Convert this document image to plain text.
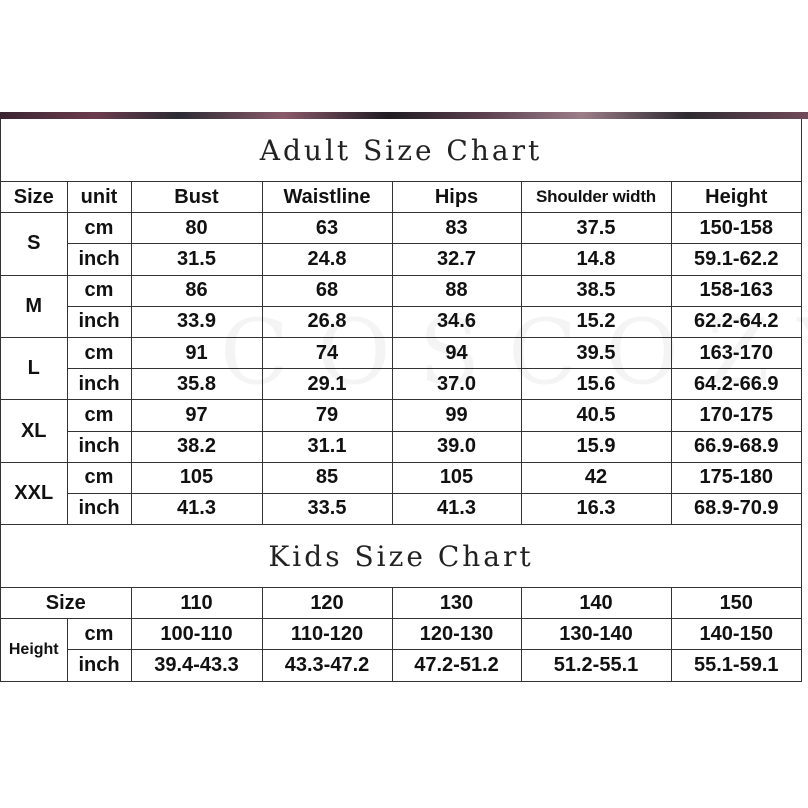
Adult Size Chart
Size	unit	Bust	Waistline	Hips	Shoulder width	Height
S	cm	80	63	83	37.5	150-158
	inch	31.5	24.8	32.7	14.8	59.1-62.2
M	cm	86	68	88	38.5	158-163
	inch	33.9	26.8	34.6	15.2	62.2-64.2
L	cm	91	74	94	39.5	163-170
	inch	35.8	29.1	37.0	15.6	64.2-66.9
XL	cm	97	79	99	40.5	170-175
	inch	38.2	31.1	39.0	15.9	66.9-68.9
XXL	cm	105	85	105	42	175-180
	inch	41.3	33.5	41.3	16.3	68.9-70.9
Kids Size Chart
Size		110	120	130	140	150
Height	cm	100-110	110-120	120-130	130-140	140-150
	inch	39.4-43.3	43.3-47.2	47.2-51.2	51.2-55.1	55.1-59.1
